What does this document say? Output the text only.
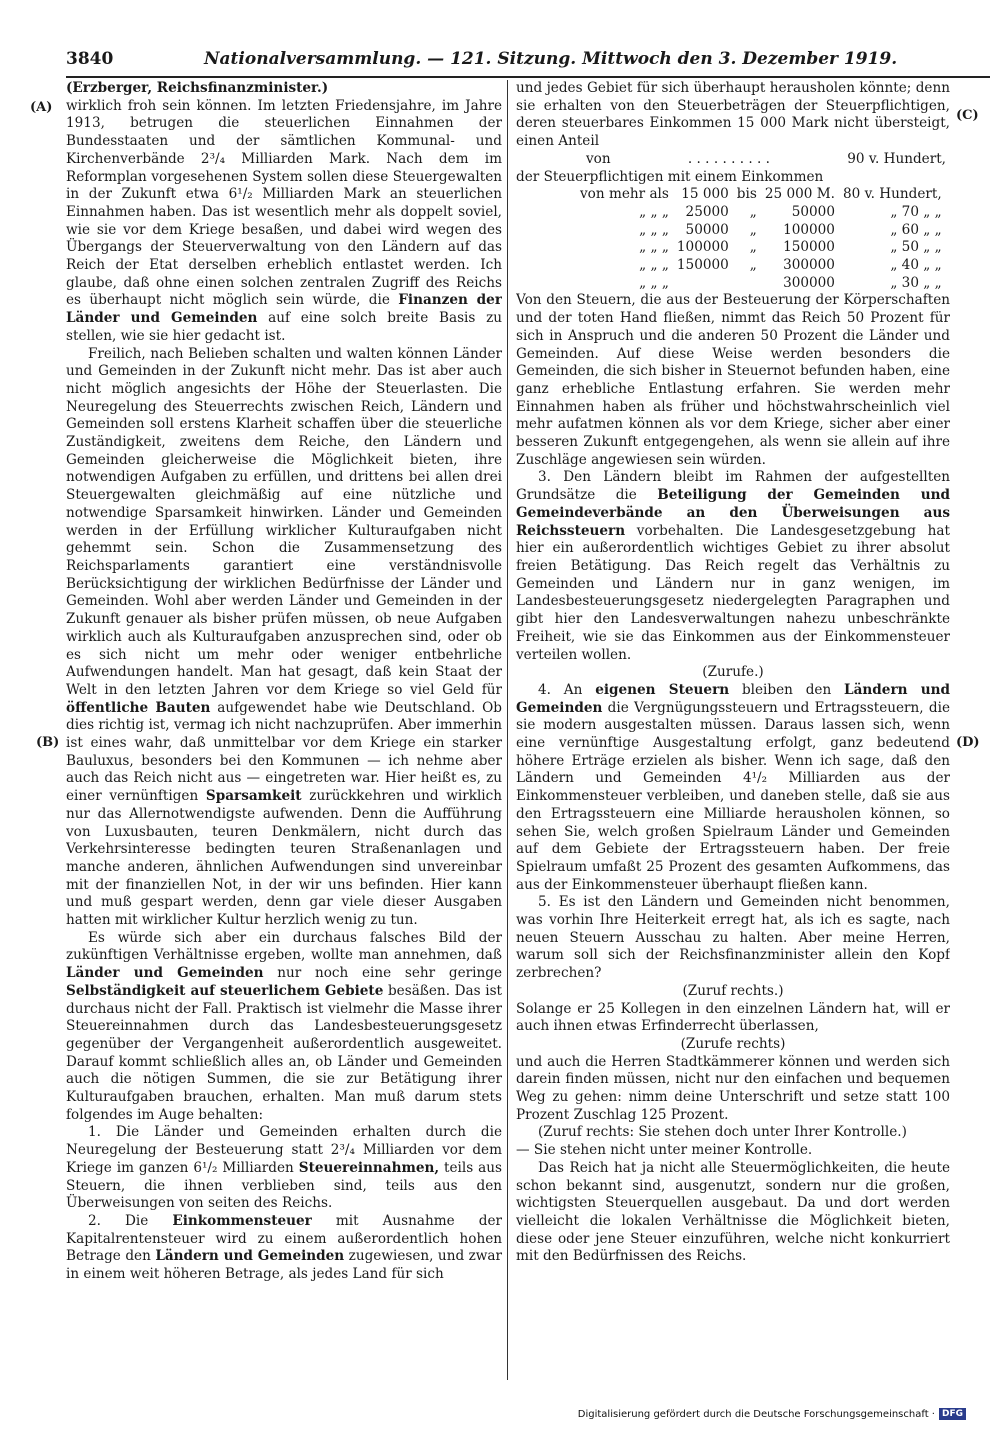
3840	Nationalversammlung. — 121. Sitzung. Mittwoch den 3. Dezember 1919.
(A)
(B)
(C)
(D)

(Erzberger, Reichsfinanzminister.)

wirklich froh sein können. Im letzten Friedensjahre, im Jahre 1913, betrugen die steuerlichen Einnahmen der Bundesstaaten und der sämtlichen Kommunal- und Kirchenverbände 2³/₄ Milliarden Mark. Nach dem im Reformplan vorgesehenen System sollen diese Steuergewalten in der Zukunft etwa 6¹/₂ Milliarden Mark an steuerlichen Einnahmen haben. Das ist wesentlich mehr als doppelt soviel, wie sie vor dem Kriege besaßen, und dabei wird wegen des Übergangs der Steuerverwaltung von den Ländern auf das Reich der Etat derselben erheblich entlastet werden. Ich glaube, daß ohne einen solchen zentralen Zugriff des Reichs es überhaupt nicht möglich sein würde, die Finanzen der Länder und Gemeinden auf eine solch breite Basis zu stellen, wie sie hier gedacht ist.

Freilich, nach Belieben schalten und walten können Länder und Gemeinden in der Zukunft nicht mehr. Das ist aber auch nicht möglich angesichts der Höhe der Steuerlasten. Die Neuregelung des Steuerrechts zwischen Reich, Ländern und Gemeinden soll erstens Klarheit schaffen über die steuerliche Zuständigkeit, zweitens dem Reiche, den Ländern und Gemeinden gleicherweise die Möglichkeit bieten, ihre notwendigen Aufgaben zu erfüllen, und drittens bei allen drei Steuergewalten gleichmäßig auf eine nützliche und notwendige Sparsamkeit hinwirken. Länder und Gemeinden werden in der Erfüllung wirklicher Kulturaufgaben nicht gehemmt sein. Schon die Zusammensetzung des Reichsparlaments garantiert eine verständnisvolle Berücksichtigung der wirklichen Bedürfnisse der Länder und Gemeinden. Wohl aber werden Länder und Gemeinden in der Zukunft genauer als bisher prüfen müssen, ob neue Aufgaben wirklich auch als Kulturaufgaben anzusprechen sind, oder ob es sich nicht um mehr oder weniger entbehrliche Aufwendungen handelt. Man hat gesagt, daß kein Staat der Welt in den letzten Jahren vor dem Kriege so viel Geld für öffentliche Bauten aufgewendet habe wie Deutschland. Ob dies richtig ist, vermag ich nicht nachzuprüfen. Aber immerhin ist eines wahr, daß unmittelbar vor dem Kriege ein starker Bauluxus, besonders bei den Kommunen — ich nehme aber auch das Reich nicht aus — eingetreten war. Hier heißt es, zu einer vernünftigen Sparsamkeit zurückkehren und wirklich nur das Allernotwendigste aufwenden. Denn die Aufführung von Luxusbauten, teuren Denkmälern, nicht durch das Verkehrsinteresse bedingten teuren Straßenanlagen und manche anderen, ähnlichen Aufwendungen sind unvereinbar mit der finanziellen Not, in der wir uns befinden. Hier kann und muß gespart werden, denn gar viele dieser Ausgaben hatten mit wirklicher Kultur herzlich wenig zu tun.

Es würde sich aber ein durchaus falsches Bild der zukünftigen Verhältnisse ergeben, wollte man annehmen, daß Länder und Gemeinden nur noch eine sehr geringe Selbständigkeit auf steuerlichem Gebiete besäßen. Das ist durchaus nicht der Fall. Praktisch ist vielmehr die Masse ihrer Steuereinnahmen durch das Landesbesteuerungsgesetz gegenüber der Vergangenheit außerordentlich ausgeweitet. Darauf kommt schließlich alles an, ob Länder und Gemeinden auch die nötigen Summen, die sie zur Betätigung ihrer Kulturaufgaben brauchen, erhalten. Man muß darum stets folgendes im Auge behalten:

1. Die Länder und Gemeinden erhalten durch die Neuregelung der Besteuerung statt 2³/₄ Milliarden vor dem Kriege im ganzen 6¹/₂ Milliarden Steuereinnahmen, teils aus Steuern, die ihnen verblieben sind, teils aus den Überweisungen von seiten des Reichs.

2. Die Einkommensteuer mit Ausnahme der Kapitalrentensteuer wird zu einem außerordentlich hohen Betrage den Ländern und Gemeinden zugewiesen, und zwar in einem weit höheren Betrage, als jedes Land für sich

und jedes Gebiet für sich überhaupt herausholen könnte; denn sie erhalten von den Steuerbeträgen der Steuerpflichtigen, deren steuerbares Einkommen 15 000 Mark nicht übersteigt, einen Anteil

von	. . . . . . . . . .	90 v. Hundert,

der Steuerpflichtigen mit einem Einkommen

von mehr als	15 000	bis	25 000 M.	80 v. Hundert,
„ „ „	25000	„	50000	„ 70 „ „
„ „ „	50000	„	100000	„ 60 „ „
„ „ „	100000	„	150000	„ 50 „ „
„ „ „	150000	„	300000	„ 40 „ „
„ „ „			300000	„ 30 „ „

Von den Steuern, die aus der Besteuerung der Körperschaften und der toten Hand fließen, nimmt das Reich 50 Prozent für sich in Anspruch und die anderen 50 Prozent die Länder und Gemeinden. Auf diese Weise werden besonders die Gemeinden, die sich bisher in Steuernot befunden haben, eine ganz erhebliche Entlastung erfahren. Sie werden mehr Einnahmen haben als früher und höchstwahrscheinlich viel mehr aufatmen können als vor dem Kriege, sicher aber einer besseren Zukunft entgegengehen, als wenn sie allein auf ihre Zuschläge angewiesen sein würden.

3. Den Ländern bleibt im Rahmen der aufgestellten Grundsätze die Beteiligung der Gemeinden und Gemeindeverbände an den Überweisungen aus Reichssteuern vorbehalten. Die Landesgesetzgebung hat hier ein außerordentlich wichtiges Gebiet zu ihrer absolut freien Betätigung. Das Reich regelt das Verhältnis zu Gemeinden und Ländern nur in ganz wenigen, im Landesbesteuerungsgesetz niedergelegten Paragraphen und gibt hier den Landesverwaltungen nahezu unbeschränkte Freiheit, wie sie das Einkommen aus der Einkommensteuer verteilen wollen.

(Zurufe.)

4. An eigenen Steuern bleiben den Ländern und Gemeinden die Vergnügungssteuern und Ertragssteuern, die sie modern ausgestalten müssen. Daraus lassen sich, wenn eine vernünftige Ausgestaltung erfolgt, ganz bedeutend höhere Erträge erzielen als bisher. Wenn ich sage, daß den Ländern und Gemeinden 4¹/₂ Milliarden aus der Einkommensteuer verbleiben, und daneben stelle, daß sie aus den Ertragssteuern eine Milliarde herausholen können, so sehen Sie, welch großen Spielraum Länder und Gemeinden auf dem Gebiete der Ertragssteuern haben. Der freie Spielraum umfaßt 25 Prozent des gesamten Aufkommens, das aus der Einkommensteuer überhaupt fließen kann.

5. Es ist den Ländern und Gemeinden nicht benommen, was vorhin Ihre Heiterkeit erregt hat, als ich es sagte, nach neuen Steuern Ausschau zu halten. Aber meine Herren, warum soll sich der Reichsfinanzminister allein den Kopf zerbrechen?

(Zuruf rechts.)

Solange er 25 Kollegen in den einzelnen Ländern hat, will er auch ihnen etwas Erfinderrecht überlassen,

(Zurufe rechts)

und auch die Herren Stadtkämmerer können und werden sich darein finden müssen, nicht nur den einfachen und bequemen Weg zu gehen: nimm deine Unterschrift und setze statt 100 Prozent Zuschlag 125 Prozent.

(Zuruf rechts: Sie stehen doch unter Ihrer Kontrolle.)

— Sie stehen nicht unter meiner Kontrolle.

Das Reich hat ja nicht alle Steuermöglichkeiten, die heute schon bekannt sind, ausgenutzt, sondern nur die großen, wichtigsten Steuerquellen ausgebaut. Da und dort werden vielleicht die lokalen Verhältnisse die Möglichkeit bieten, diese oder jene Steuer einzuführen, welche nicht konkurriert mit den Bedürfnissen des Reichs.

Digitalisierung gefördert durch die Deutsche Forschungsgemeinschaft · DFG
